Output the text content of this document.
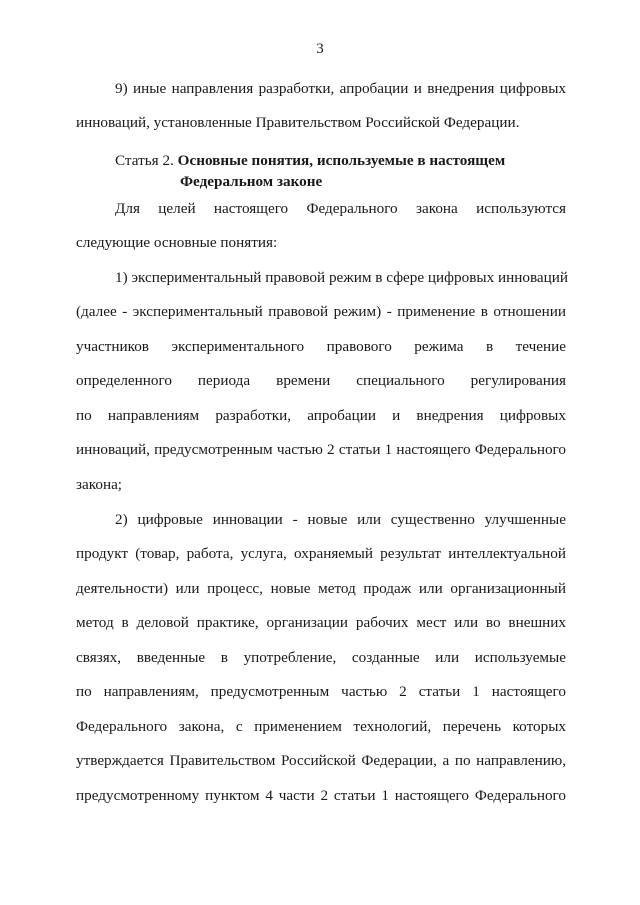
3
9) иные направления разработки, апробации и внедрения цифровых
инноваций, установленные Правительством Российской Федерации.
Статья 2. Основные понятия, используемые в настоящем
Федеральном законе
Для целей настоящего Федерального закона используются
следующие основные понятия:
1) экспериментальный правовой режим в сфере цифровых инноваций
(далее - экспериментальный правовой режим) - применение в отношении
участников экспериментального правового режима в течение
определенного периода времени специального регулирования
по направлениям разработки, апробации и внедрения цифровых
инноваций, предусмотренным частью 2 статьи 1 настоящего Федерального
закона;
2) цифровые инновации - новые или существенно улучшенные
продукт (товар, работа, услуга, охраняемый результат интеллектуальной
деятельности) или процесс, новые метод продаж или организационный
метод в деловой практике, организации рабочих мест или во внешних
связях, введенные в употребление, созданные или используемые
по направлениям, предусмотренным частью 2 статьи 1 настоящего
Федерального закона, с применением технологий, перечень которых
утверждается Правительством Российской Федерации, а по направлению,
предусмотренному пунктом 4 части 2 статьи 1 настоящего Федерального
